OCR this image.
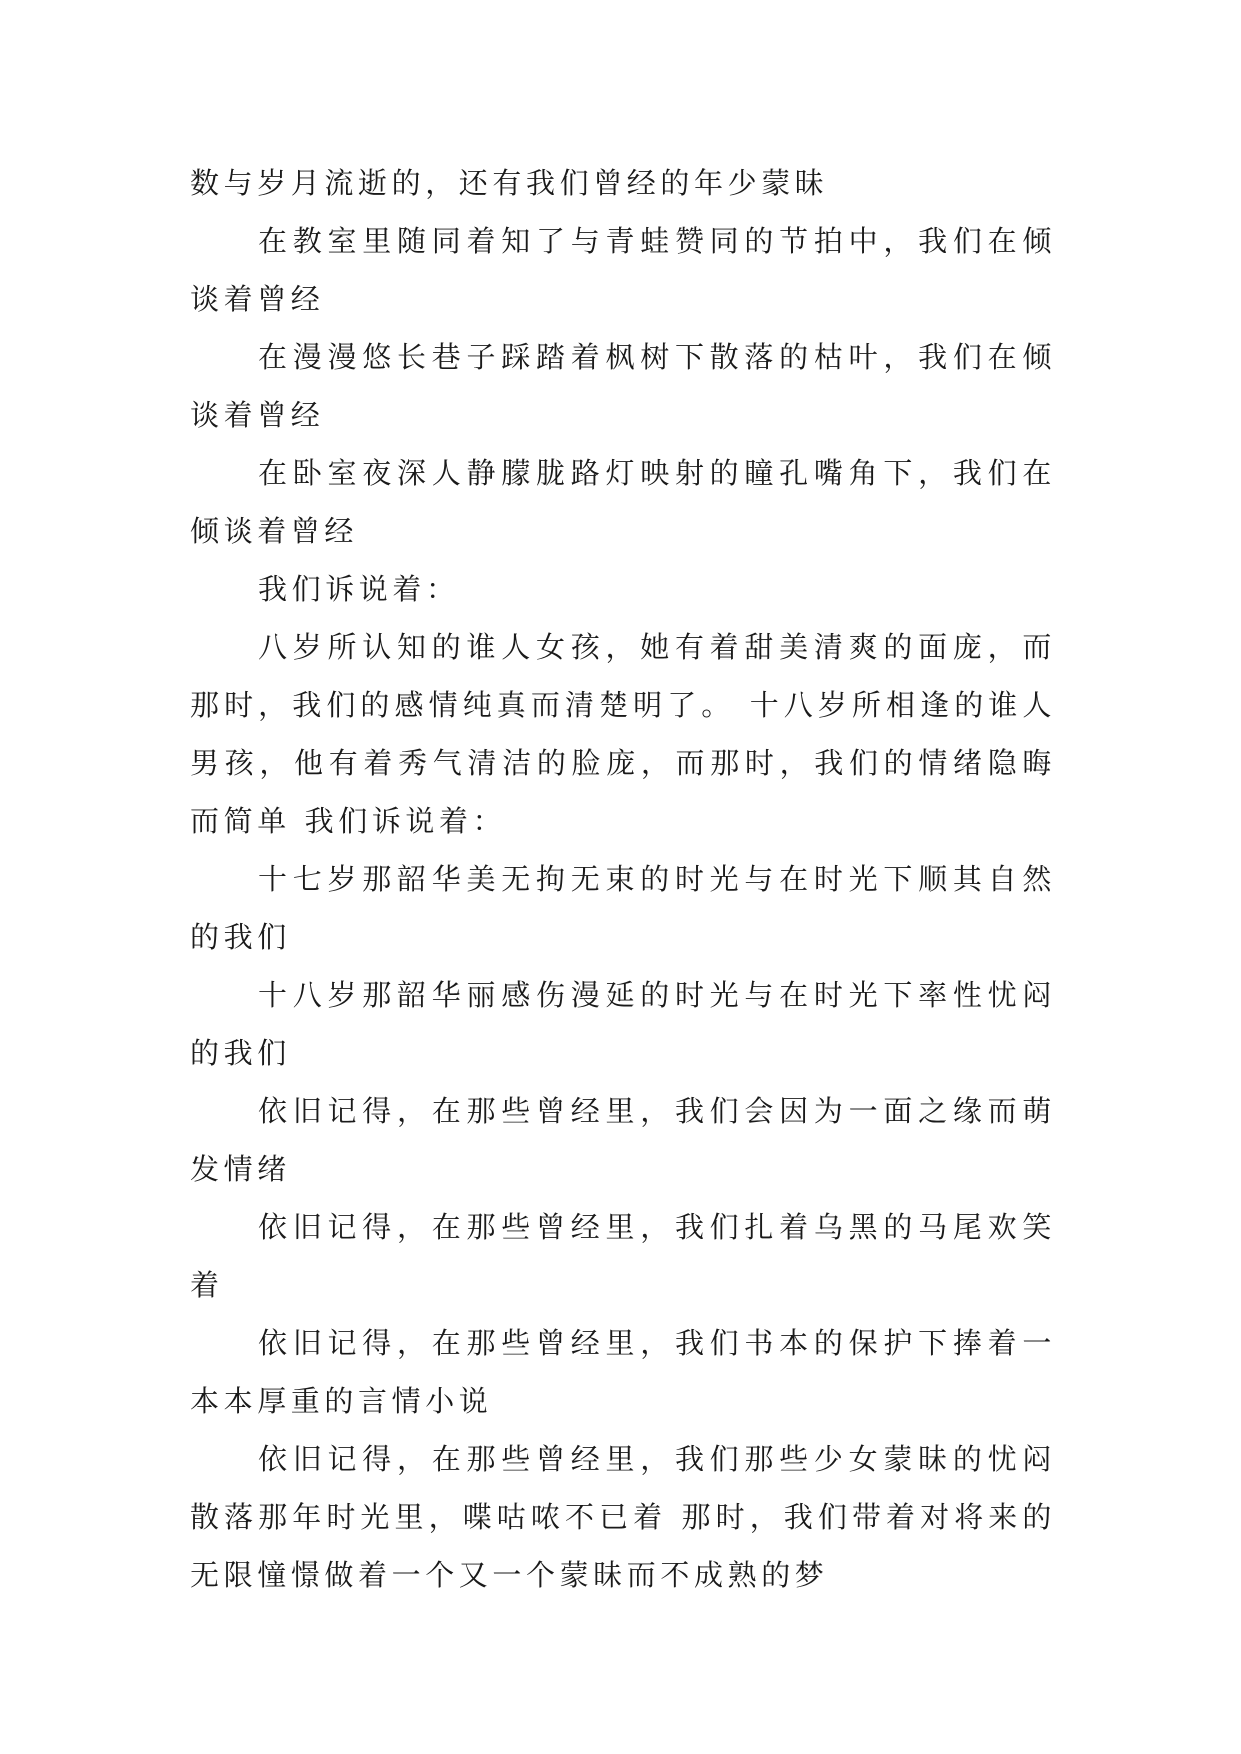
数与岁月流逝的，还有我们曾经的年少蒙昧

在教室里随同着知了与青蛙赞同的节拍中，我们在倾谈着曾经

在漫漫悠长巷子踩踏着枫树下散落的枯叶，我们在倾谈着曾经

在卧室夜深人静朦胧路灯映射的瞳孔嘴角下，我们在倾谈着曾经

我们诉说着：

八岁所认知的谁人女孩，她有着甜美清爽的面庞，而那时，我们的感情纯真而清楚明了。 十八岁所相逢的谁人男孩，他有着秀气清洁的脸庞，而那时，我们的情绪隐晦而简单 我们诉说着：

十七岁那韶华美无拘无束的时光与在时光下顺其自然的我们

十八岁那韶华丽感伤漫延的时光与在时光下率性忧闷的我们

依旧记得，在那些曾经里，我们会因为一面之缘而萌发情绪

依旧记得，在那些曾经里，我们扎着乌黑的马尾欢笑着

依旧记得，在那些曾经里，我们书本的保护下捧着一本本厚重的言情小说

依旧记得，在那些曾经里，我们那些少女蒙昧的忧闷散落那年时光里，喋咕哝不已着 那时，我们带着对将来的无限憧憬做着一个又一个蒙昧而不成熟的梦
